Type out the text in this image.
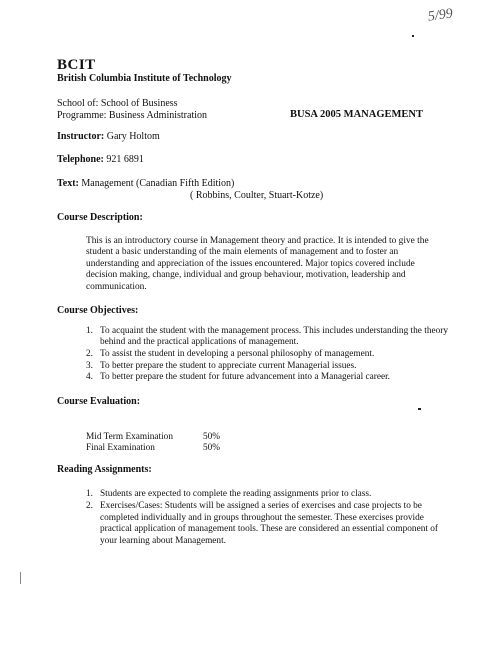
5/99
BCIT
British Columbia Institute of Technology
School of: School of Business
Programme: Business Administration	BUSA 2005 MANAGEMENT
Instructor: Gary Holtom
Telephone: 921 6891
Text: Management (Canadian Fifth Edition)
( Robbins, Coulter, Stuart-Kotze)
Course Description:
This is an introductory course in Management theory and practice. It is intended to give the student a basic understanding of the main elements of management and to foster an understanding and appreciation of the issues encountered. Major topics covered include decision making, change, individual and group behaviour, motivation, leadership and communication.
Course Objectives:
1. To acquaint the student with the management process. This includes understanding the theory behind and the practical applications of management.
2. To assist the student in developing a personal philosophy of management.
3. To better prepare the student to appreciate current Managerial issues.
4. To better prepare the student for future advancement into a Managerial career.
Course Evaluation:
Mid Term Examination	50%
Final Examination	50%
Reading Assignments:
1. Students are expected to complete the reading assignments prior to class.
2. Exercises/Cases: Students will be assigned a series of exercises and case projects to be completed individually and in groups throughout the semester. These exercises provide practical application of management tools. These are considered an essential component of your learning about Management.
